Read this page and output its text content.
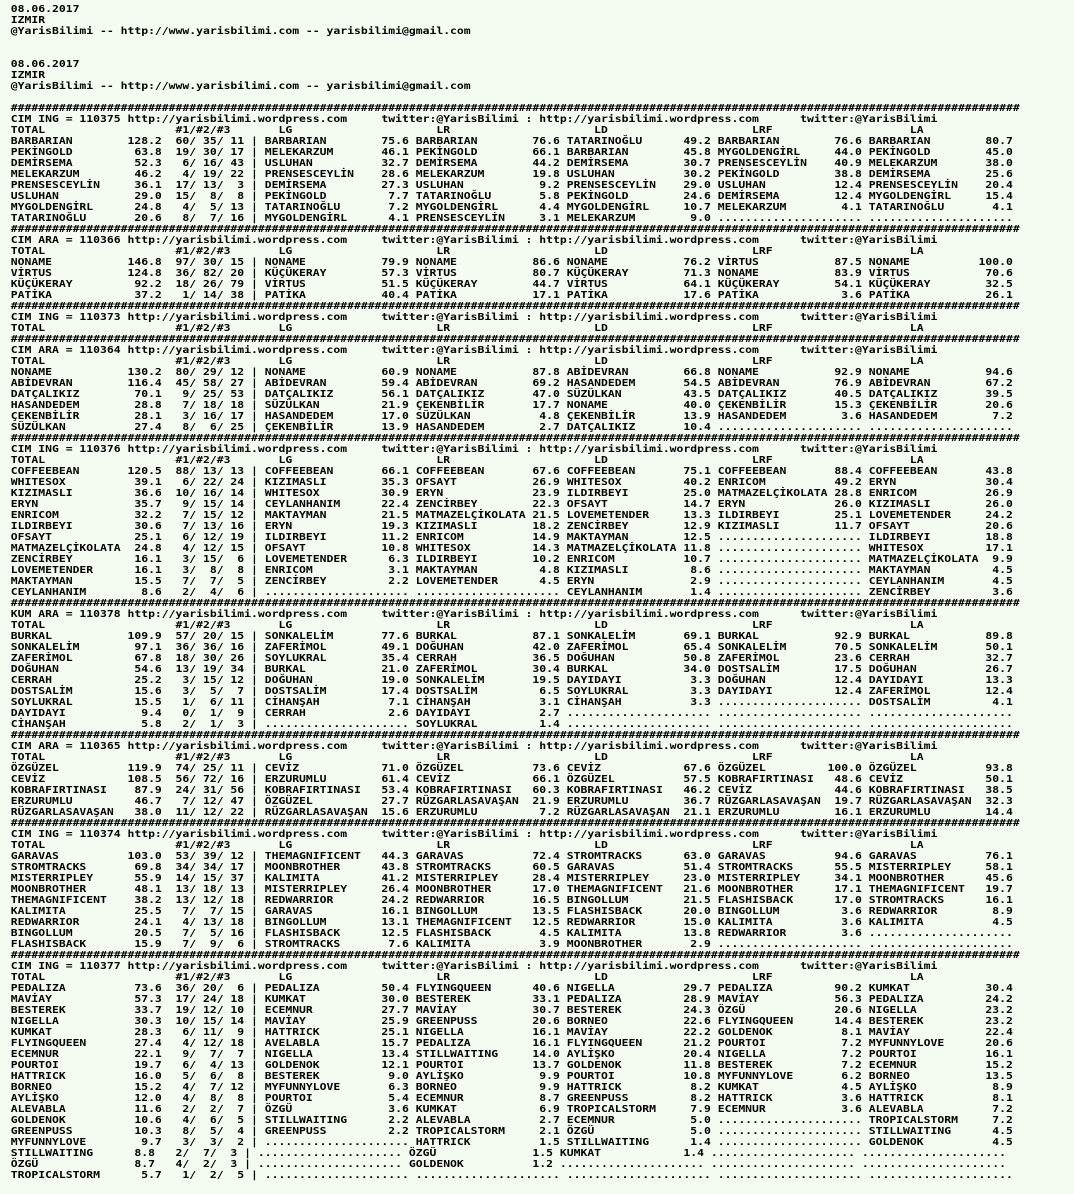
08.06.2017
IZMIR
@YarisBilimi -- http://www.yarisbilimi.com -- yarisbilimi@gmail.com

08.06.2017
IZMIR
@YarisBilimi -- http://www.yarisbilimi.com -- yarisbilimi@gmail.com

###################################################################################################################################################
CIM ING = 110375 http://yarisbilimi.wordpress.com     twitter:@YarisBilimi : http://yarisbilimi.wordpress.com      twitter:@YarisBilimi
TOTAL                   #1/#2/#3       LG                     LR                     LD                     LRF                    LA
BARBARIAN        128.2  60/ 35/ 11 | BARBARIAN        75.6 BARBARIAN        76.6 TATARINOĞLU      49.2 BARBARIAN        76.6 BARBARIAN        80.7
PEKİNGOLD         63.8  19/ 30/ 17 | MELEKARZUM       46.1 PEKİNGOLD        66.1 BARBARIAN        45.8 MYGOLDENGİRL     44.0 PEKİNGOLD        45.0
DEMİRSEMA         52.3   6/ 16/ 43 | USLUHAN          32.7 DEMİRSEMA        44.2 DEMİRSEMA        30.7 PRENSESCEYLİN    40.9 MELEKARZUM       38.0
MELEKARZUM        46.2   4/ 19/ 22 | PRENSESCEYLİN    28.6 MELEKARZUM       19.8 USLUHAN          30.2 PEKİNGOLD        38.8 DEMİRSEMA        25.6
PRENSESCEYLİN     36.1  17/ 13/  3 | DEMİRSEMA        27.3 USLUHAN           9.2 PRENSESCEYLİN    29.0 USLUHAN          12.4 PRENSESCEYLİN    20.4
USLUHAN           29.0  15/  8/  8 | PEKİNGOLD         7.7 TATARINOĞLU       5.8 PEKİNGOLD        24.6 DEMİRSEMA        12.4 MYGOLDENGİRL     15.4
MYGOLDENGİRL      24.8   4/  5/ 13 | TATARINOĞLU       7.2 MYGOLDENGİRL      4.4 MYGOLDENGİRL     10.7 MELEKARZUM        4.1 TATARINOĞLU       4.1
TATARINOĞLU       20.6   8/  7/ 16 | MYGOLDENGİRL      4.1 PRENSESCEYLİN     3.1 MELEKARZUM        9.0 ..................... .....................
###################################################################################################################################################
CIM ARA = 110366 http://yarisbilimi.wordpress.com     twitter:@YarisBilimi : http://yarisbilimi.wordpress.com      twitter:@YarisBilimi
TOTAL                   #1/#2/#3       LG                     LR                     LD                     LRF                    LA
NONAME           146.8  97/ 30/ 15 | NONAME           79.9 NONAME           86.6 NONAME           76.2 VİRTUS           87.5 NONAME          100.0
VİRTUS           124.8  36/ 82/ 20 | KÜÇÜKERAY        57.3 VİRTUS           80.7 KÜÇÜKERAY        71.3 NONAME           83.9 VİRTUS           70.6
KÜÇÜKERAY         92.2  18/ 26/ 79 | VİRTUS           51.5 KÜÇÜKERAY        44.7 VİRTUS           64.1 KÜÇÜKERAY        54.1 KÜÇÜKERAY        32.5
PATİKA            37.2   1/ 14/ 38 | PATİKA           40.4 PATİKA           17.1 PATİKA           17.6 PATİKA            3.6 PATİKA           26.1
###################################################################################################################################################
CIM ING = 110373 http://yarisbilimi.wordpress.com     twitter:@YarisBilimi : http://yarisbilimi.wordpress.com      twitter:@YarisBilimi
TOTAL                   #1/#2/#3       LG                     LR                     LD                     LRF                    LA
###################################################################################################################################################
CIM ARA = 110364 http://yarisbilimi.wordpress.com     twitter:@YarisBilimi : http://yarisbilimi.wordpress.com      twitter:@YarisBilimi
TOTAL                   #1/#2/#3       LG                     LR                     LD                     LRF                    LA
NONAME           130.2  80/ 29/ 12 | NONAME           60.9 NONAME           87.8 ABİDEVRAN        66.8 NONAME           92.9 NONAME           94.6
ABİDEVRAN        116.4  45/ 58/ 27 | ABİDEVRAN        59.4 ABİDEVRAN        69.2 HASANDEDEM       54.5 ABİDEVRAN        76.9 ABİDEVRAN        67.2
DATÇALIKIZ        70.1   9/ 25/ 53 | DATÇALIKIZ       56.1 DATÇALIKIZ       47.0 SÜZÜLKAN         43.5 DATÇALIKIZ       40.5 DATÇALIKIZ       39.5
HASANDEDEM        28.8   7/ 18/ 18 | SÜZÜLKAN         21.9 ÇEKENBİLİR       17.7 NONAME           40.0 ÇEKENBİLİR       15.3 ÇEKENBİLİR       20.6
ÇEKENBİLİR        28.1   3/ 16/ 17 | HASANDEDEM       17.0 SÜZÜLKAN          4.8 ÇEKENBİLİR       13.9 HASANDEDEM        3.6 HASANDEDEM        7.2
SÜZÜLKAN          27.4   8/  6/ 25 | ÇEKENBİLİR       13.9 HASANDEDEM        2.7 DATÇALIKIZ       10.4 ..................... .....................
###################################################################################################################################################
CIM ING = 110376 http://yarisbilimi.wordpress.com     twitter:@YarisBilimi : http://yarisbilimi.wordpress.com      twitter:@YarisBilimi
TOTAL                   #1/#2/#3       LG                     LR                     LD                     LRF                    LA
COFFEEBEAN       120.5  88/ 13/ 13 | COFFEEBEAN       66.1 COFFEEBEAN       67.6 COFFEEBEAN       75.1 COFFEEBEAN       88.4 COFFEEBEAN       43.8
WHITESOX          39.1   6/ 22/ 24 | KIZIMASLI        35.3 OFSAYT           26.9 WHITESOX         40.2 ENRICOM          49.2 ERYN             30.4
KIZIMASLI         36.6  10/ 16/ 14 | WHITESOX         30.9 ERYN             23.9 ILDIRBEYI        25.0 MATMAZELÇİKOLATA 28.8 ENRICOM          26.9
ERYN              35.7   9/ 15/ 14 | CEYLANHANIM      22.4 ZENCİRBEY        22.3 OFSAYT           14.7 ERYN             26.0 KIZIMASLI        26.0
ENRICOM           32.2   7/ 15/ 12 | MAKTAYMAN        21.5 MATMAZELÇİKOLATA 21.5 LOVEMETENDER     13.3 ILDIRBEYI        25.1 LOVEMETENDER     24.2
ILDIRBEYI         30.6   7/ 13/ 16 | ERYN             19.3 KIZIMASLI        18.2 ZENCİRBEY        12.9 KIZIMASLI        11.7 OFSAYT           20.6
OFSAYT            25.1   6/ 12/ 19 | ILDIRBEYI        11.2 ENRICOM          14.9 MAKTAYMAN        12.5 ..................... ILDIRBEYI        18.8
MATMAZELÇİKOLATA  24.8   4/ 12/ 15 | OFSAYT           10.8 WHITESOX         14.3 MATMAZELÇİKOLATA 11.8 ..................... WHITESOX         17.1
ZENCİRBEY         16.1   3/ 15/  6 | LOVEMETENDER      6.3 ILDIRBEYI        10.2 ENRICOM          10.7 ..................... MATMAZELÇİKOLATA  9.9
LOVEMETENDER      16.1   3/  8/  8 | ENRICOM           3.1 MAKTAYMAN         4.8 KIZIMASLI         8.6 ..................... MAKTAYMAN         4.5
MAKTAYMAN         15.5   7/  7/  5 | ZENCİRBEY         2.2 LOVEMETENDER      4.5 ERYN              2.9 ..................... CEYLANHANIM       4.5
CEYLANHANIM        8.6   2/  4/  6 | ..................... ..................... CEYLANHANIM       1.4 ..................... ZENCİRBEY         3.6
###################################################################################################################################################
KUM ARA = 110378 http://yarisbilimi.wordpress.com     twitter:@YarisBilimi : http://yarisbilimi.wordpress.com      twitter:@YarisBilimi
TOTAL                   #1/#2/#3       LG                     LR                     LD                     LRF                    LA
BURKAL           109.9  57/ 20/ 15 | SONKALELİM       77.6 BURKAL           87.1 SONKALELİM       69.1 BURKAL           92.9 BURKAL           89.8
SONKALELİM        97.1  36/ 36/ 16 | ZAFERİMOL        49.1 DOĞUHAN          42.0 ZAFERİMOL        65.4 SONKALELİM       70.5 SONKALELİM       50.1
ZAFERİMOL         67.8  18/ 30/ 26 | SOYLUKRAL        35.4 CERRAH           36.5 DOĞUHAN          50.8 ZAFERİMOL        23.6 CERRAH           32.7
DOĞUHAN           54.6  13/ 19/ 34 | BURKAL           21.0 ZAFERİMOL        30.4 BURKAL           34.0 DOSTSALİM        17.5 DOĞUHAN          26.7
CERRAH            25.2   3/ 15/ 12 | DOĞUHAN          19.0 SONKALELİM       19.5 DAYIDAYI          3.3 DOĞUHAN          12.4 DAYIDAYI         13.3
DOSTSALİM         15.6   3/  5/  7 | DOSTSALİM        17.4 DOSTSALİM         6.5 SOYLUKRAL         3.3 DAYIDAYI         12.4 ZAFERİMOL        12.4
SOYLUKRAL         15.5   1/  6/ 11 | CİHANŞAH          7.1 CİHANŞAH          3.1 CİHANŞAH          3.3 ..................... DOSTSALİM         4.1
DAYIDAYI           9.4   0/  1/  9 | CERRAH            2.6 DAYIDAYI          2.7 ..................... ..................... .....................
CİHANŞAH           5.8   2/  1/  3 | ..................... SOYLUKRAL         1.4 ..................... ..................... .....................
###################################################################################################################################################
CIM ARA = 110365 http://yarisbilimi.wordpress.com     twitter:@YarisBilimi : http://yarisbilimi.wordpress.com      twitter:@YarisBilimi
TOTAL                   #1/#2/#3       LG                     LR                     LD                     LRF                    LA
ÖZGÜZEL          119.9  74/ 25/ 11 | CEVİZ            71.0 ÖZGÜZEL          73.6 CEVİZ            67.6 ÖZGÜZEL         100.0 ÖZGÜZEL          93.8
CEVİZ            108.5  56/ 72/ 16 | ERZURUMLU        61.4 CEVİZ            66.1 ÖZGÜZEL          57.5 KOBRAFIRTINASI   48.6 CEVİZ            50.1
KOBRAFIRTINASI    87.9  24/ 31/ 56 | KOBRAFIRTINASI   53.4 KOBRAFIRTINASI   60.3 KOBRAFIRTINASI   46.2 CEVİZ            44.6 KOBRAFIRTINASI   38.5
ERZURUMLU         46.7   7/ 12/ 47 | ÖZGÜZEL          27.7 RÜZGARLASAVAŞAN  21.9 ERZURUMLU        36.7 RÜZGARLASAVAŞAN  19.7 RÜZGARLASAVAŞAN  32.3
RÜZGARLASAVAŞAN   38.0  11/ 12/ 22 | RÜZGARLASAVAŞAN  15.6 ERZURUMLU         7.2 RÜZGARLASAVAŞAN  21.1 ERZURUMLU        16.1 ERZURUMLU        14.4
###################################################################################################################################################
CIM ING = 110374 http://yarisbilimi.wordpress.com     twitter:@YarisBilimi : http://yarisbilimi.wordpress.com      twitter:@YarisBilimi
TOTAL                   #1/#2/#3       LG                     LR                     LD                     LRF                    LA
GARAVAS          103.0  53/ 39/ 12 | THEMAGNIFICENT   44.3 GARAVAS          72.4 STROMTRACKS      63.0 GARAVAS          94.6 GARAVAS          76.1
STROMTRACKS       69.8  34/ 34/ 17 | MOONBROTHER      43.8 STROMTRACKS      60.5 GARAVAS          51.4 STROMTRACKS      55.5 MISTERRIPLEY     58.1
MISTERRIPLEY      55.9  14/ 15/ 37 | KALIMITA         41.2 MISTERRIPLEY     28.4 MISTERRIPLEY     23.0 MISTERRIPLEY     34.1 MOONBROTHER      45.6
MOONBROTHER       48.1  13/ 18/ 13 | MISTERRIPLEY     26.4 MOONBROTHER      17.0 THEMAGNIFICENT   21.6 MOONBROTHER      17.1 THEMAGNIFICENT   19.7
THEMAGNIFICENT    38.2  13/ 12/ 18 | REDWARRIOR       24.2 REDWARRIOR       16.5 BINGOLLUM        21.5 FLASHISBACK      17.0 STROMTRACKS      16.1
KALIMITA          25.5   7/  7/ 15 | GARAVAS          16.1 BINGOLLUM        13.5 FLASHISBACK      20.0 BINGOLLUM         3.6 REDWARRIOR        8.9
REDWARRIOR        24.1   4/ 13/ 18 | BINGOLLUM        13.1 THEMAGNIFICENT   12.5 REDWARRIOR       15.0 KALIMITA          3.6 KALIMITA          4.5
BINGOLLUM         20.5   7/  5/ 16 | FLASHISBACK      12.5 FLASHISBACK       4.5 KALIMITA         13.8 REDWARRIOR        3.6 .....................
FLASHISBACK       15.9   7/  9/  6 | STROMTRACKS       7.6 KALIMITA          3.9 MOONBROTHER       2.9 ..................... .....................
###################################################################################################################################################
CIM ING = 110377 http://yarisbilimi.wordpress.com     twitter:@YarisBilimi : http://yarisbilimi.wordpress.com      twitter:@YarisBilimi
TOTAL                   #1/#2/#3       LG                     LR                     LD                     LRF                    LA
PEDALIZA          73.6  36/ 20/  6 | PEDALIZA         50.4 FLYINGQUEEN      40.6 NIGELLA          29.7 PEDALIZA         90.2 KUMKAT           30.4
MAVİAY            57.3  17/ 24/ 18 | KUMKAT           30.0 BESTEREK         33.1 PEDALIZA         28.9 MAVİAY           56.3 PEDALIZA         24.2
BESTEREK          33.7  19/ 12/ 10 | ECEMNUR          27.7 MAVİAY           30.7 BESTEREK         24.3 ÖZGÜ             20.6 NIGELLA          23.2
NIGELLA           30.3  10/ 15/ 14 | MAVİAY           25.9 GREENPUSS        20.6 BORNEO           22.6 FLYINGQUEEN      14.4 BESTEREK         23.2
KUMKAT            28.3   6/ 11/  9 | HATTRICK         25.1 NIGELLA          16.1 MAVİAY           22.2 GOLDENOK          8.1 MAVİAY           22.4
FLYINGQUEEN       27.4   4/ 12/ 18 | AVELABLA         15.7 PEDALIZA         16.1 FLYINGQUEEN      21.2 POURTOI           7.2 MYFUNNYLOVE      20.6
ECEMNUR           22.1   9/  7/  7 | NIGELLA          13.4 STILLWAITING     14.0 AYLİŞKO          20.4 NIGELLA           7.2 POURTOI          16.1
POURTOI           19.7   6/  4/ 13 | GOLDENOK         12.1 POURTOI          13.7 GOLDENOK         11.8 BESTEREK          7.2 ECEMNUR          15.2
HATTRICK          16.0   5/  6/  8 | BESTEREK          9.0 AYLİŞKO           9.9 POURTOI          10.8 MYFUNNYLOVE       6.2 BORNEO           13.5
BORNEO            15.2   4/  7/ 12 | MYFUNNYLOVE       6.3 BORNEO            9.9 HATTRICK          8.2 KUMKAT            4.5 AYLİŞKO           8.9
AYLİŞKO           12.0   4/  8/  8 | POURTOI           5.4 ECEMNUR           8.7 GREENPUSS         8.2 HATTRICK          3.6 HATTRICK          8.1
ALEVABLA          11.6   2/  2/  7 | ÖZGÜ              3.6 KUMKAT            6.9 TROPICALSTORM     7.9 ECEMNUR           3.6 ALEVABLA          7.2
GOLDENOK          10.6   4/  6/  5 | STILLWAITING      2.2 ALEVABLA          2.7 ECEMNUR           5.0 ..................... TROPICALSTORM     7.2
GREENPUSS         10.3   8/  5/  4 | GREENPUSS         2.2 TROPICALSTORM     2.1 ÖZGÜ              5.0 ..................... STILLWAITING      4.5
MYFUNNYLOVE        9.7   3/  3/  2 | ..................... HATTRICK          1.5 STILLWAITING      1.4 ..................... GOLDENOK          4.5
STILLWAITING      8.8   2/  7/  3 | ..................... ÖZGÜ              1.5 KUMKAT            1.4 ..................... .....................
ÖZGÜ              8.7   4/  2/  3 | ..................... GOLDENOK          1.2 ..................... ..................... .....................
TROPICALSTORM      5.7   1/  2/  5 | ..................... ..................... ..................... ..................... .....................
